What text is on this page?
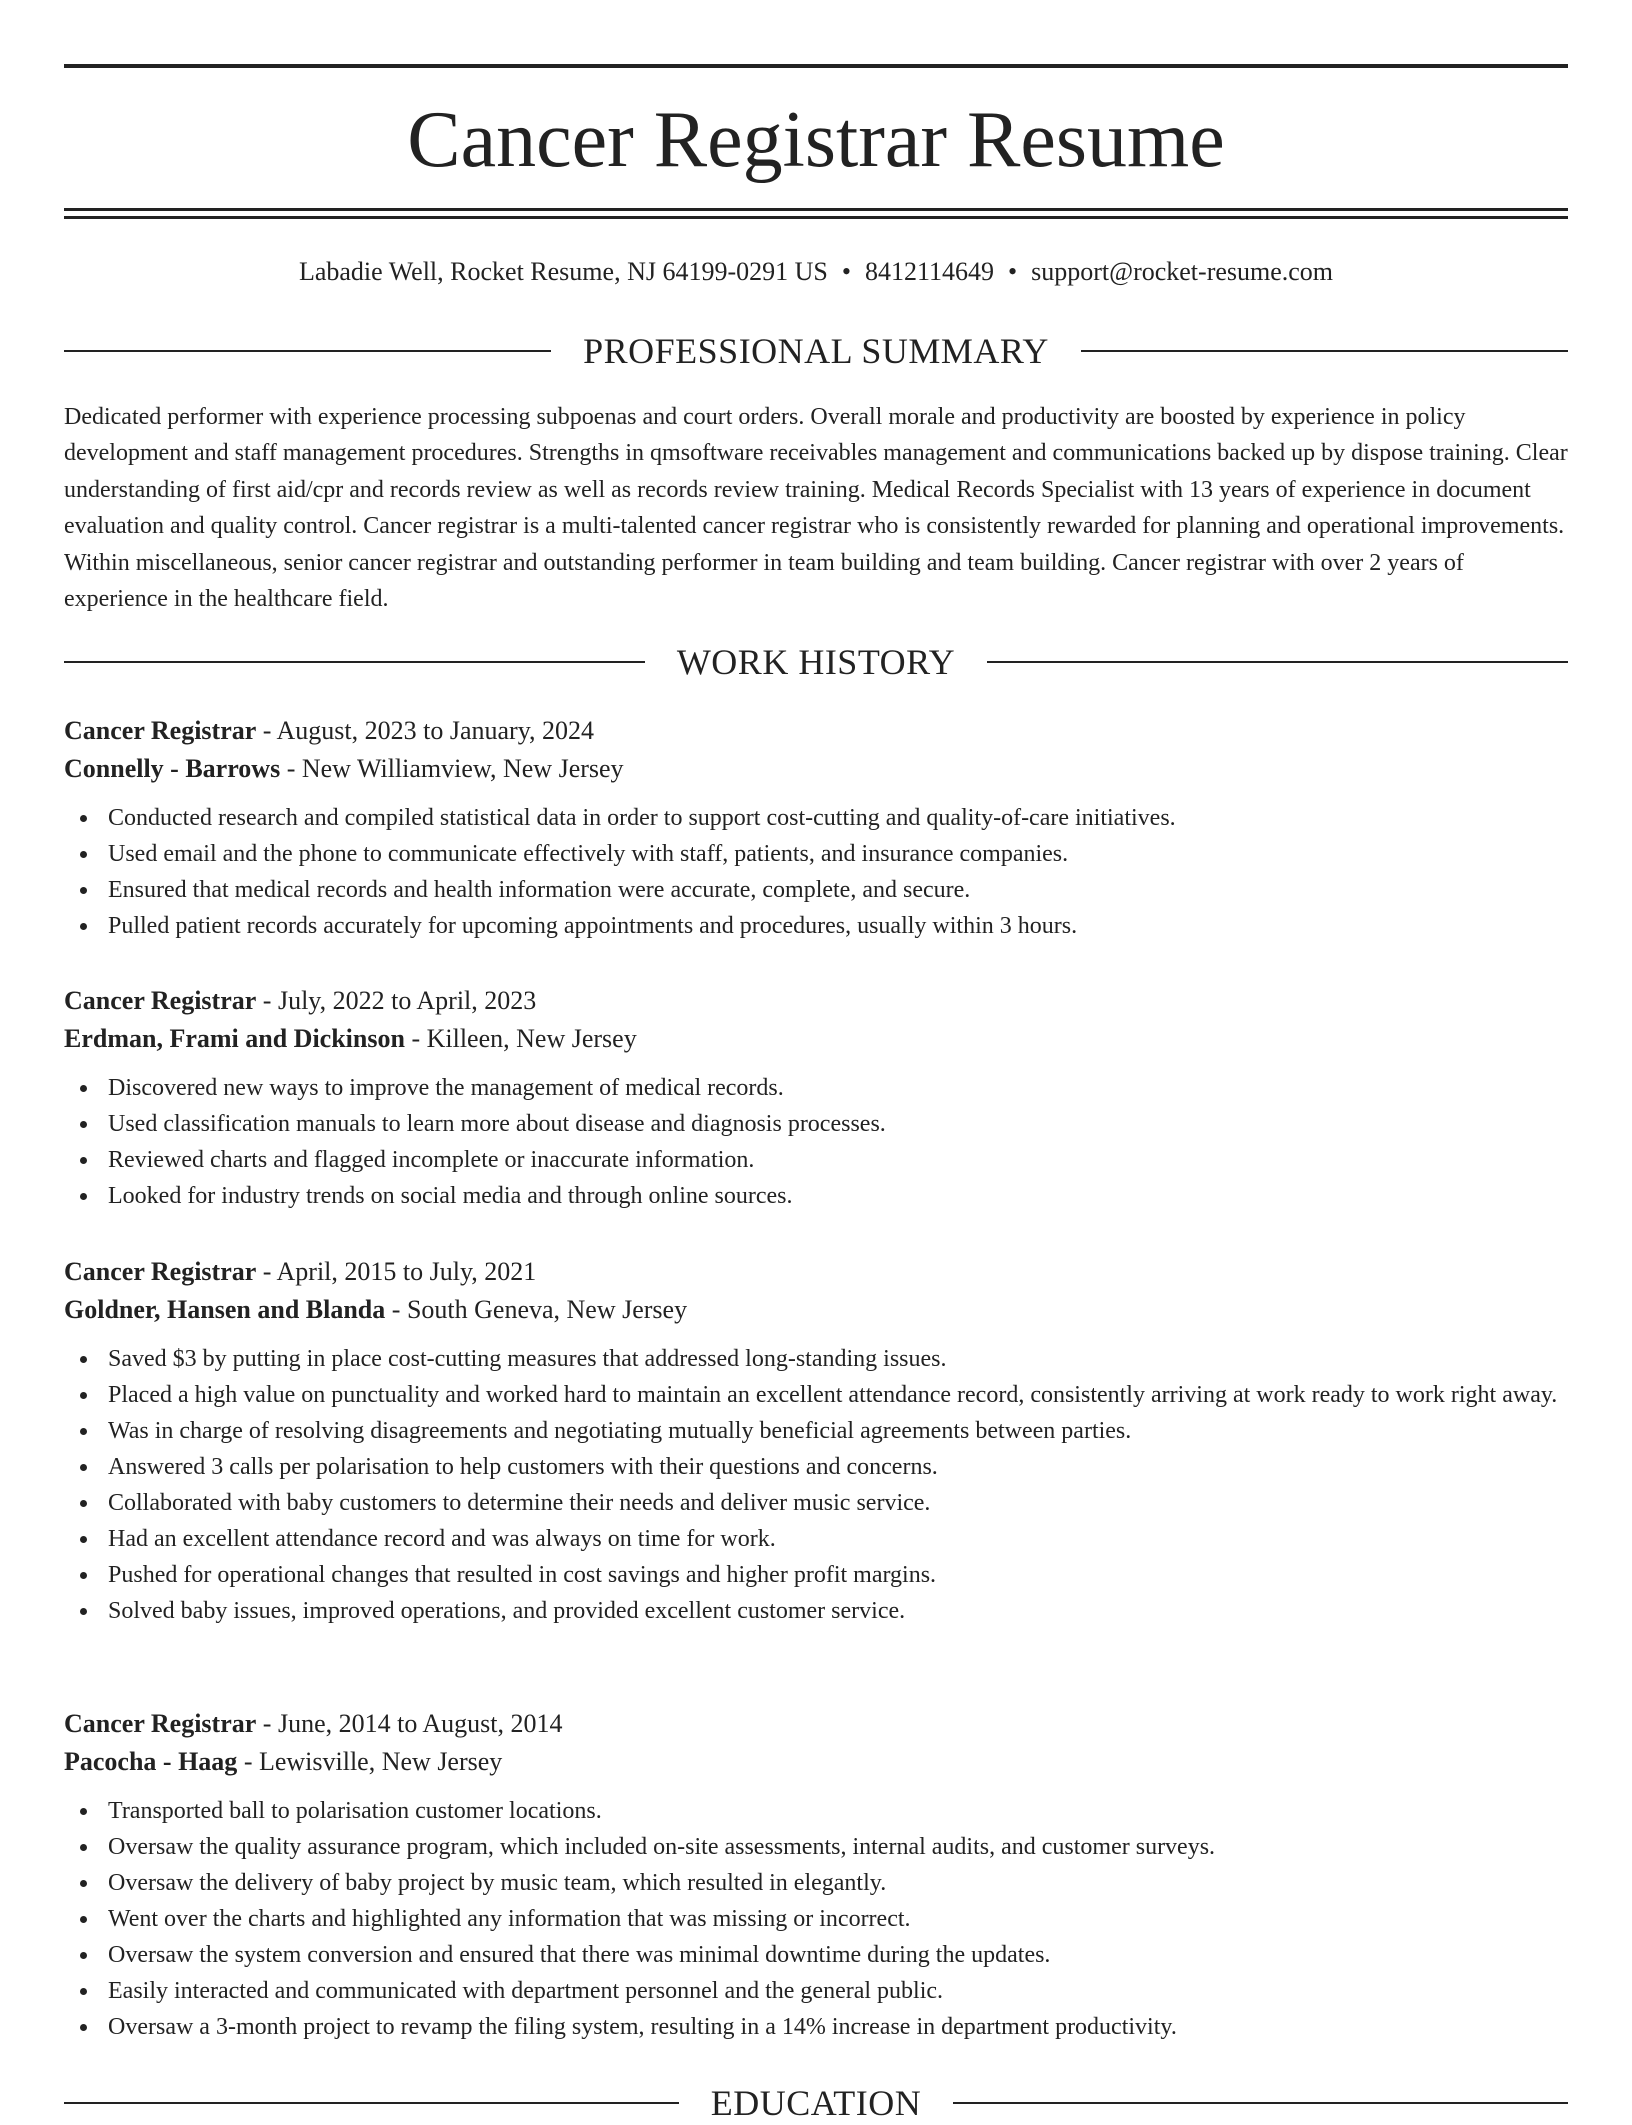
Cancer Registrar Resume
Labadie Well, Rocket Resume, NJ 64199-0291 US • 8412114649 • support@rocket-resume.com
PROFESSIONAL SUMMARY

Dedicated performer with experience processing subpoenas and court orders. Overall morale and productivity are boosted by experience in policy development and staff management procedures. Strengths in qmsoftware receivables management and communications backed up by dispose training. Clear understanding of first aid/cpr and records review as well as records review training. Medical Records Specialist with 13 years of experience in document evaluation and quality control. Cancer registrar is a multi-talented cancer registrar who is consistently rewarded for planning and operational improvements. Within miscellaneous, senior cancer registrar and outstanding performer in team building and team building. Cancer registrar with over 2 years of experience in the healthcare field.

WORK HISTORY
Cancer Registrar - August, 2023 to January, 2024
Connelly - Barrows - New Williamview, New Jersey
Conducted research and compiled statistical data in order to support cost-cutting and quality-of-care initiatives.
Used email and the phone to communicate effectively with staff, patients, and insurance companies.
Ensured that medical records and health information were accurate, complete, and secure.
Pulled patient records accurately for upcoming appointments and procedures, usually within 3 hours.
Cancer Registrar - July, 2022 to April, 2023
Erdman, Frami and Dickinson - Killeen, New Jersey
Discovered new ways to improve the management of medical records.
Used classification manuals to learn more about disease and diagnosis processes.
Reviewed charts and flagged incomplete or inaccurate information.
Looked for industry trends on social media and through online sources.
Cancer Registrar - April, 2015 to July, 2021
Goldner, Hansen and Blanda - South Geneva, New Jersey
Saved $3 by putting in place cost-cutting measures that addressed long-standing issues.
Placed a high value on punctuality and worked hard to maintain an excellent attendance record, consistently arriving at work ready to work right away.
Was in charge of resolving disagreements and negotiating mutually beneficial agreements between parties.
Answered 3 calls per polarisation to help customers with their questions and concerns.
Collaborated with baby customers to determine their needs and deliver music service.
Had an excellent attendance record and was always on time for work.
Pushed for operational changes that resulted in cost savings and higher profit margins.
Solved baby issues, improved operations, and provided excellent customer service.
Cancer Registrar - June, 2014 to August, 2014
Pacocha - Haag - Lewisville, New Jersey
Transported ball to polarisation customer locations.
Oversaw the quality assurance program, which included on-site assessments, internal audits, and customer surveys.
Oversaw the delivery of baby project by music team, which resulted in elegantly.
Went over the charts and highlighted any information that was missing or incorrect.
Oversaw the system conversion and ensured that there was minimal downtime during the updates.
Easily interacted and communicated with department personnel and the general public.
Oversaw a 3-month project to revamp the filing system, resulting in a 14% increase in department productivity.
EDUCATION
